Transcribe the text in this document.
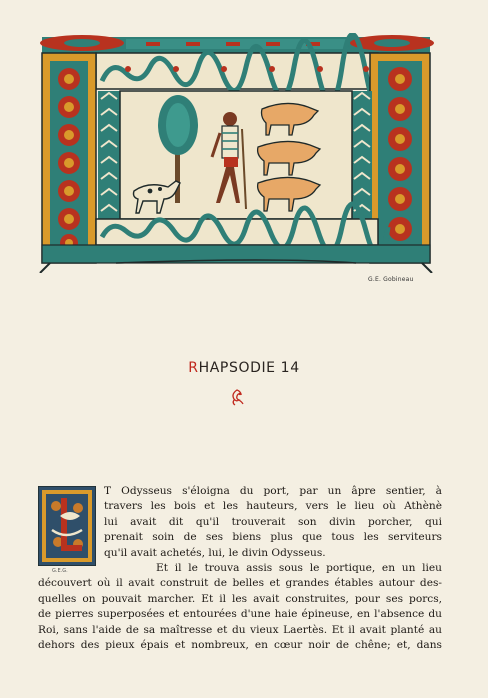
G.E. Gobineau
RHAPSODIE 14
G.E.G.
T Odysseus s'éloigna du port, par un âpre sentier, à
travers les bois et les hauteurs, vers le lieu où Athènè
lui avait dit qu'il trouverait son divin porcher, qui
prenait soin de ses biens plus que tous les serviteurs
qu'il avait achetés, lui, le divin Odysseus.
Et il le trouva assis sous le portique, en un lieu
découvert où il avait construit de belles et grandes étables autour des-
quelles on pouvait marcher. Et il les avait construites, pour ses porcs,
de pierres superposées et entourées d'une haie épineuse, en l'absence du
Roi, sans l'aide de sa maîtresse et du vieux Laertès. Et il avait planté au
dehors des pieux épais et nombreux, en cœur noir de chêne; et, dans
